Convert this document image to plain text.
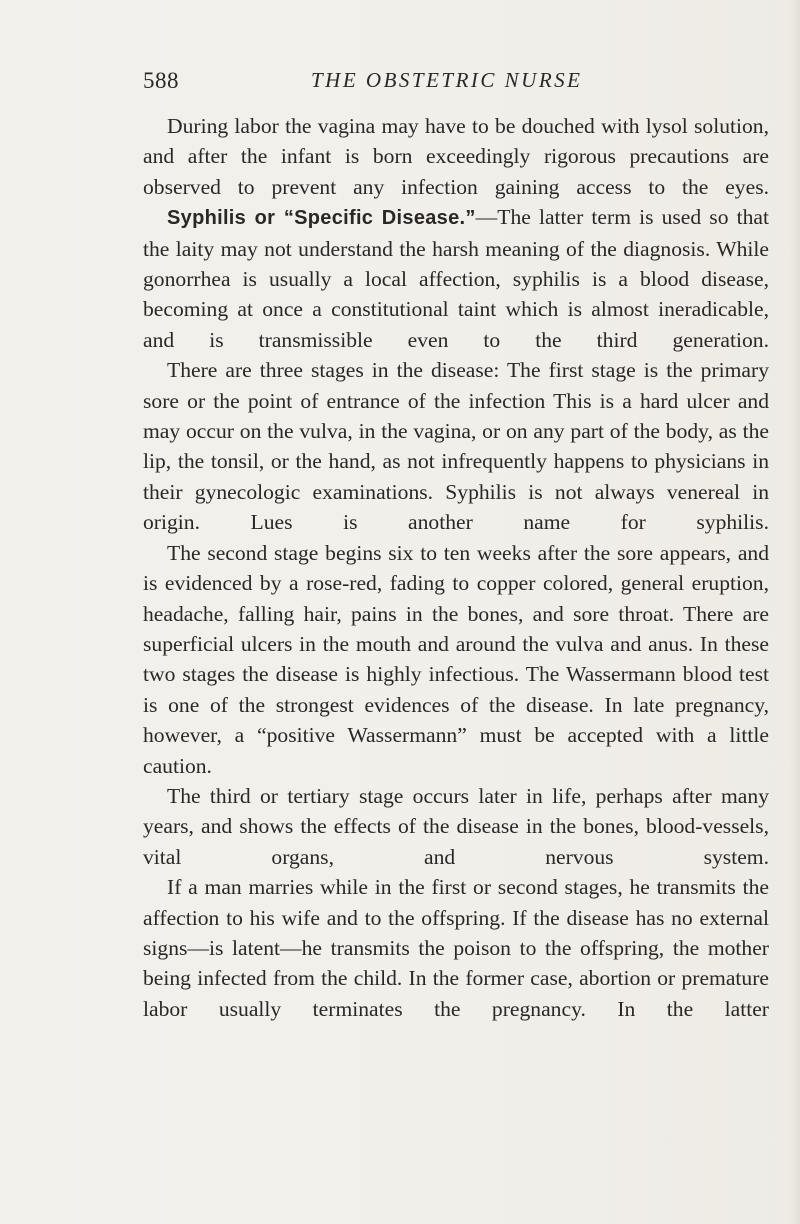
588	THE OBSTETRIC NURSE

During labor the vagina may have to be douched with lysol solution, and after the infant is born exceedingly rigorous precautions are observed to prevent any infection gaining access to the eyes.

Syphilis or “Specific Disease.”—The latter term is used so that the laity may not understand the harsh meaning of the diagnosis. While gonorrhea is usually a local affection, syphilis is a blood disease, becoming at once a constitutional taint which is almost ineradicable, and is transmissible even to the third generation.

There are three stages in the disease: The first stage is the primary sore or the point of entrance of the infection This is a hard ulcer and may occur on the vulva, in the vagina, or on any part of the body, as the lip, the tonsil, or the hand, as not infrequently happens to physicians in their gynecologic examinations. Syphilis is not always venereal in origin. Lues is another name for syphilis.

The second stage begins six to ten weeks after the sore appears, and is evidenced by a rose-red, fading to copper colored, general eruption, headache, falling hair, pains in the bones, and sore throat. There are superficial ulcers in the mouth and around the vulva and anus. In these two stages the disease is highly infectious. The Wassermann blood test is one of the strongest evidences of the disease. In late pregnancy, however, a “positive Wassermann” must be accepted with a little caution.

The third or tertiary stage occurs later in life, perhaps after many years, and shows the effects of the disease in the bones, blood-vessels, vital organs, and nervous system.

If a man marries while in the first or second stages, he transmits the affection to his wife and to the offspring. If the disease has no external signs—is latent—he transmits the poison to the offspring, the mother being infected from the child. In the former case, abortion or premature labor usually terminates the pregnancy. In the latter
